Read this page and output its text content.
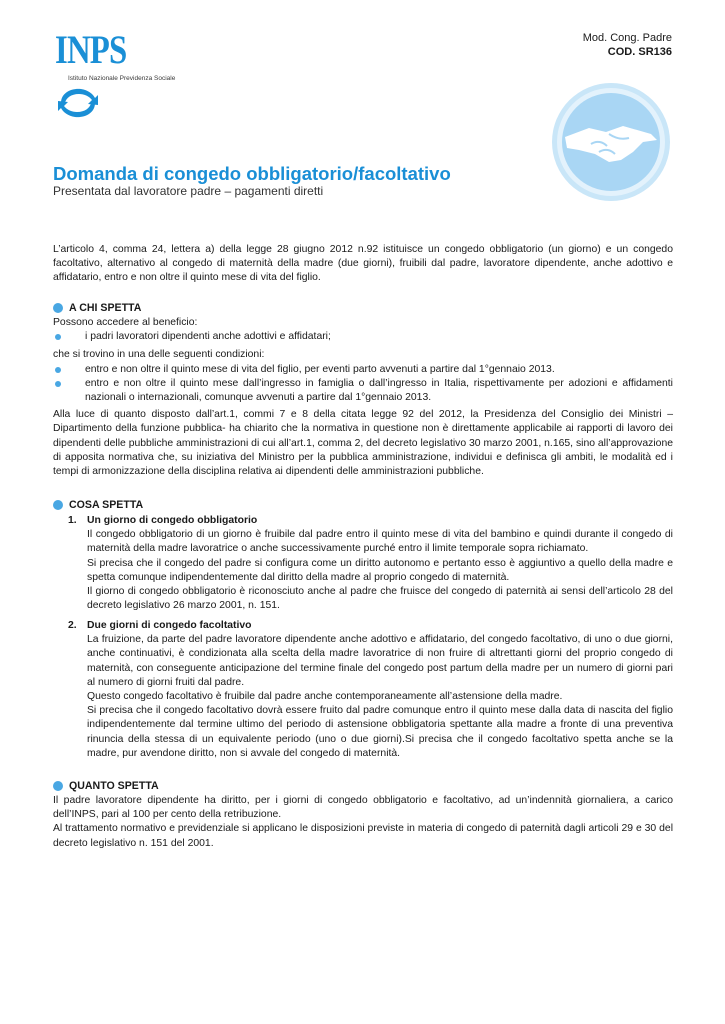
INPS
Istituto Nazionale Previdenza Sociale
Mod. Cong. Padre
COD. SR136
Domanda di congedo obbligatorio/facoltativo
Presentata dal lavoratore padre – pagamenti diretti

L’articolo 4, comma 24, lettera a) della legge 28 giugno 2012 n.92 istituisce un congedo obbligatorio (un giorno) e un congedo facoltativo, alternativo al congedo di maternità della madre (due giorni), fruibili dal padre, lavoratore dipendente, anche adottivo e affidatario, entro e non oltre il quinto mese di vita del figlio.

A CHI SPETTA

Possono accedere al beneficio:

i padri lavoratori dipendenti anche adottivi e affidatari;

che si trovino in una delle seguenti condizioni:

entro e non oltre il quinto mese di vita del figlio, per eventi parto avvenuti a partire dal 1°gennaio 2013.

entro e non oltre il quinto mese dall’ingresso in famiglia o dall’ingresso in Italia, rispettivamente per adozioni e affidamenti nazionali o internazionali, comunque avvenuti a partire dal 1°gennaio 2013.

Alla luce di quanto disposto dall’art.1, commi 7 e 8 della citata legge 92 del 2012, la Presidenza del Consiglio dei Ministri – Dipartimento della funzione pubblica- ha chiarito che la normativa in questione non è direttamente applicabile ai rapporti di lavoro dei dipendenti delle pubbliche amministrazioni di cui all’art.1, comma 2, del decreto legislativo 30 marzo 2001, n.165, sino all’approvazione di apposita normativa che, su iniziativa del Ministro per la pubblica amministrazione, individui e definisca gli ambiti, le modalità ed i tempi di armonizzazione della disciplina relativa ai dipendenti delle amministrazioni pubbliche.

COSA SPETTA
1. Un giorno di congedo obbligatorio

Il congedo obbligatorio di un giorno è fruibile dal padre entro il quinto mese di vita del bambino e quindi durante il congedo di maternità della madre lavoratrice o anche successivamente purché entro il limite temporale sopra richiamato.

Si precisa che il congedo del padre si configura come un diritto autonomo e pertanto esso è aggiuntivo a quello della madre e spetta comunque indipendentemente dal diritto della madre al proprio congedo di maternità.

Il giorno di congedo obbligatorio è riconosciuto anche al padre che fruisce del congedo di paternità ai sensi dell’articolo 28 del decreto legislativo 26 marzo 2001, n. 151.

2. Due giorni di congedo facoltativo

La fruizione, da parte del padre lavoratore dipendente anche adottivo e affidatario, del congedo facoltativo, di uno o due giorni, anche continuativi, è condizionata alla scelta della madre lavoratrice di non fruire di altrettanti giorni del proprio congedo di maternità, con conseguente anticipazione del termine finale del congedo post partum della madre per un numero di giorni pari al numero di giorni fruiti dal padre.

Questo congedo facoltativo è fruibile dal padre anche contemporaneamente all’astensione della madre.

Si precisa che il congedo facoltativo dovrà essere fruito dal padre comunque entro il quinto mese dalla data di nascita del figlio indipendentemente dal termine ultimo del periodo di astensione obbligatoria spettante alla madre a fronte di una preventiva rinuncia della stessa di un equivalente periodo (uno o due giorni).Si precisa che il congedo facoltativo spetta anche se la madre, pur avendone diritto, non si avvale del congedo di maternità.

QUANTO SPETTA

Il padre lavoratore dipendente ha diritto, per i giorni di congedo obbligatorio e facoltativo, ad un’indennità giornaliera, a carico dell’INPS, pari al 100 per cento della retribuzione.

Al trattamento normativo e previdenziale si applicano le disposizioni previste in materia di congedo di paternità dagli articoli 29 e 30 del decreto legislativo n. 151 del 2001.
